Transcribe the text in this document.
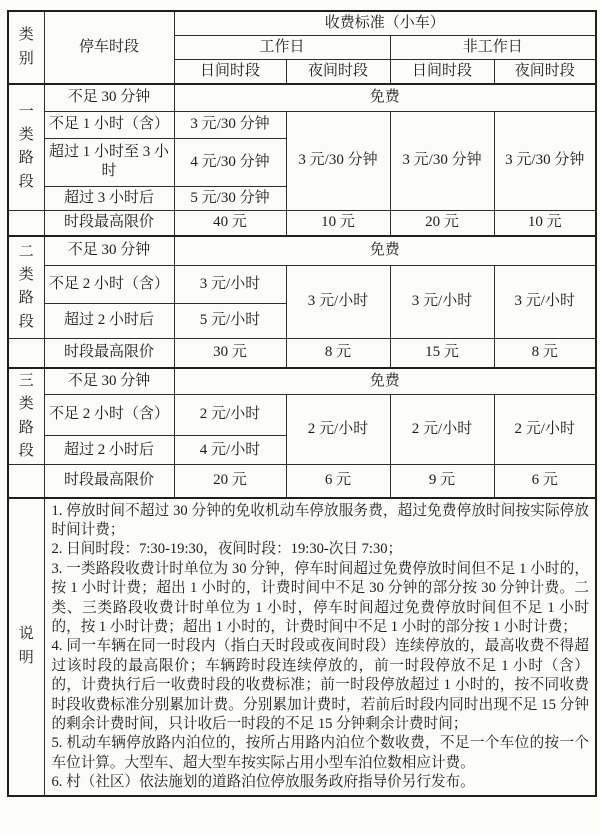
类别	停车时段	收费标准（小车）			
		工作日		非工作日	
		日间时段	夜间时段	日间时段	夜间时段
一类路段	不足 30 分钟	免费			
	不足 1 小时（含）	3 元/30 分钟	3 元/30 分钟	3 元/30 分钟	3 元/30 分钟
	超过 1 小时至 3 小时	4 元/30 分钟			
	超过 3 小时后	5 元/30 分钟			
	时段最高限价	40 元	10 元	20 元	10 元
二类路段	不足 30 分钟	免费			
	不足 2 小时（含）	3 元/小时	3 元/小时	3 元/小时	3 元/小时
	超过 2 小时后	5 元/小时			
	时段最高限价	30 元	8 元	15 元	8 元
三类路段	不足 30 分钟	免费			
	不足 2 小时（含）	2 元/小时	2 元/小时	2 元/小时	2 元/小时
	超过 2 小时后	4 元/小时			
	时段最高限价	20 元	6 元	9 元	6 元
说明	

1. 停放时间不超过 30 分钟的免收机动车停放服务费，超过免费停放时间按实际停放时间计费；

2. 日间时段：7:30-19:30，夜间时段：19:30-次日 7:30；

3. 一类路段收费计时单位为 30 分钟，停车时间超过免费停放时间但不足 1 小时的，按 1 小时计费；超出 1 小时的，计费时间中不足 30 分钟的部分按 30 分钟计费。二类、三类路段收费计时单位为 1 小时，停车时间超过免费停放时间但不足 1 小时的，按 1 小时计费；超出 1 小时的，计费时间中不足 1 小时的部分按 1 小时计费；

4. 同一车辆在同一时段内（指白天时段或夜间时段）连续停放的，最高收费不得超过该时段的最高限价；车辆跨时段连续停放的，前一时段停放不足 1 小时（含）的，计费执行后一收费时段的收费标准；前一时段停放超过 1 小时的，按不同收费时段收费标准分别累加计费。分别累加计费时，若前后时段内同时出现不足 15 分钟的剩余计费时间，只计收后一时段的不足 15 分钟剩余计费时间；

5. 机动车辆停放路内泊位的，按所占用路内泊位个数收费，不足一个车位的按一个车位计算。大型车、超大型车按实际占用小型车泊位数相应计费。

6. 村（社区）依法施划的道路泊位停放服务政府指导价另行发布。
